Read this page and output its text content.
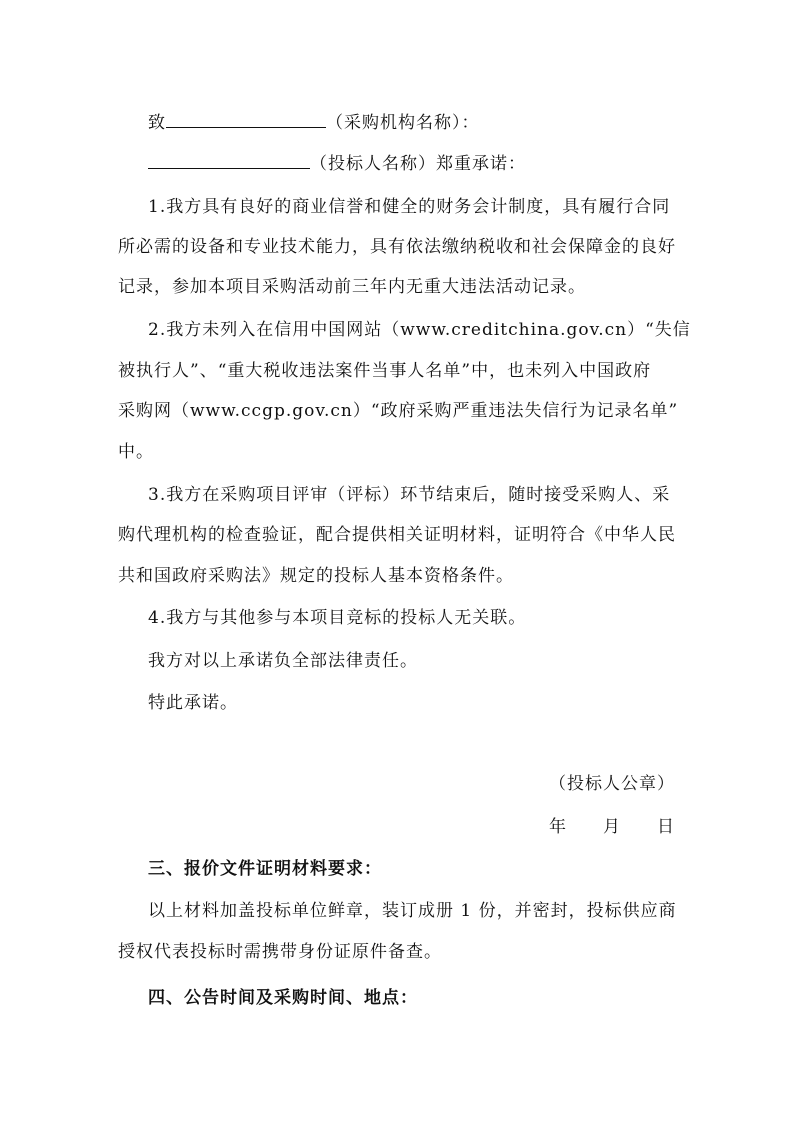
致	（采购机构名称）：
（投标人名称）郑重承诺：
1.我方具有良好的商业信誉和健全的财务会计制度，具有履行合同
所必需的设备和专业技术能力，具有依法缴纳税收和社会保障金的良好
记录，参加本项目采购活动前三年内无重大违法活动记录。
2.我方未列入在信用中国网站（www.creditchina.gov.cn）“失信
被执行人”、“重大税收违法案件当事人名单”中，也未列入中国政府
采购网（www.ccgp.gov.cn）“政府采购严重违法失信行为记录名单”
中。
3.我方在采购项目评审（评标）环节结束后，随时接受采购人、采
购代理机构的检查验证，配合提供相关证明材料，证明符合《中华人民
共和国政府采购法》规定的投标人基本资格条件。
4.我方与其他参与本项目竞标的投标人无关联。
我方对以上承诺负全部法律责任。
特此承诺。
（投标人公章）
年　　月　　日
三、报价文件证明材料要求：
以上材料加盖投标单位鲜章，装订成册 1 份，并密封，投标供应商
授权代表投标时需携带身份证原件备查。
四、公告时间及采购时间、地点：
